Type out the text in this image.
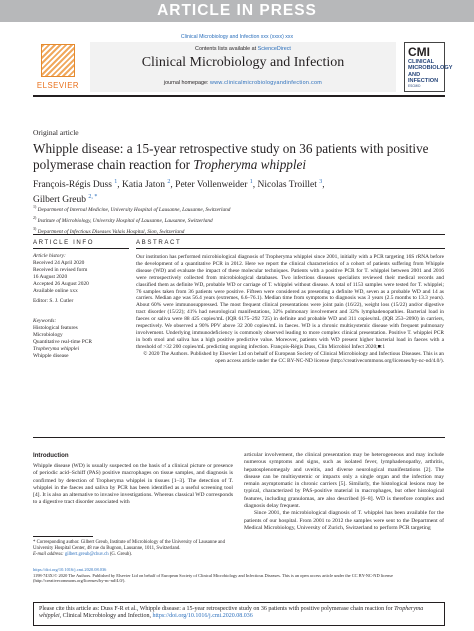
ARTICLE IN PRESS
Clinical Microbiology and Infection xxx (xxxx) xxx
ELSEVIER
Contents lists available at ScienceDirect
Clinical Microbiology and Infection
journal homepage: www.clinicalmicrobiologyandinfection.com
CMI
CLINICAL MICROBIOLOGY AND INFECTION
ESCMID
Original article
Whipple disease: a 15-year retrospective study on 36 patients with positive polymerase chain reaction for Tropheryma whipplei
François-Régis Duss $^1$, Katia Jaton $^2$, Peter Vollenweider $^1$, Nicolas Troillet $^3$,
Gilbert Greub $^{2, *}$
$^{1)}$ Department of Internal Medicine, University Hospital of Lausanne, Lausanne, Switzerland
$^{2)}$ Institute of Microbiology, University Hospital of Lausanne, Lausanne, Switzerland
$^{3)}$ Department of Infectious Diseases Valais Hospital, Sion, Switzerland
ARTICLE INFO	ABSTRACT
Article history:
Received 24 April 2020
Received in revised form
16 August 2020
Accepted 26 August 2020
Available online xxx
Editor: S. J. Cutler
Keywords:
Histological features
Microbiology
Quantitative real-time PCR
Tropheryma whipplei
Whipple disease
Our institution has performed microbiological diagnosis of Tropheryma whipplei since 2001, initially with a PCR targeting 16S rRNA before the development of a quantitative PCR in 2012. Here we report the clinical characteristics of a cohort of patients suffering from Whipple disease (WD) and evaluate the impact of these molecular techniques. Patients with a positive PCR for T. whipplei between 2001 and 2016 were retrospectively collected from microbiological databases. Two infectious diseases specialists reviewed their medical records and classified them as definite WD, probable WD or carriage of T. whipplei without disease. A total of 1153 samples were tested for T. whipplei; 76 samples taken from 36 patients were positive. Fifteen were considered as presenting a definite WD, seven as a probable WD and 14 as carriers. Median age was 56.4 years (extremes, 6.6–76.1). Median time from symptoms to diagnosis was 3 years (2.5 months to 13.3 years). About 60% were immunosuppressed. The most frequent clinical presentations were joint pain (16/22), weight loss (15/22) and/or digestive tract disorder (15/22); 41% had neurological manifestations, 32% pulmonary involvement and 32% lymphadenopathies. Bacterial load in faeces or saliva were 88 425 copies/mL (IQR 6175–292 725) in definite and probable WD and 311 copies/mL (IQR 253–2090) in carriers, respectively. We observed a 90% PPV above 32 200 copies/mL in faeces. WD is a chronic multisystemic disease with frequent pulmonary involvement. Underlying immunodeficiency is commonly observed leading to more complex clinical presentation. Positive T. whipplei PCR in both stool and saliva has a high positive predictive value. Moreover, patients with WD present higher bacterial load in faeces with a threshold of >32 200 copies/mL predicting ongoing infection. François-Régis Duss, Clin Microbiol Infect 2020;■:1
© 2020 The Authors. Published by Elsevier Ltd on behalf of European Society of Clinical Microbiology and Infectious Diseases. This is an open access article under the CC BY-NC-ND license (http://creativecommons.org/licenses/by-nc-nd/4.0/).
Introduction
Whipple disease (WD) is usually suspected on the basis of a clinical picture or presence of periodic acid–Schiff (PAS) positive macrophages on tissue samples, and diagnosis is confirmed by detection of Tropheryma whipplei in tissues [1–3]. The detection of T. whipplei in the faeces and saliva by PCR has been identified as a useful screening tool [4]. It is also an alternative to invasive investigations. Whereas classical WD corresponds to a digestive tract disorder associated with

articular involvement, the clinical presentation may be heterogeneous and may include numerous symptoms and signs, such as isolated fever, lymphadenopathy, arthritis, hepatosplenomegaly and uveitis, and diverse neurological manifestations [2]. The disease can be multisystemic or impacts only a single organ and the infection may remain asymptomatic in chronic carriers [5]. Similarly, the histological lesions may be typical, characterized by PAS-positive material in macrophages, but other histological features, including granulomas, are also described [6–8]. WD is therefore complex and diagnosis delay frequent.

Since 2001, the microbiological diagnosis of T. whipplei has been available for the patients of our hospital. From 2001 to 2012 the samples were sent to the Department of Medical Microbiology, University of Zurich, Switzerland to perform PCR targeting

* Corresponding author. Gilbert Greub, Institute of Microbiology of the University of Lausanne and University Hospital Center, 48 rue du Bugnon, Lausanne, 1011, Switzerland.
E-mail address: gilbert.greub@chuv.ch (G. Greub).
https://doi.org/10.1016/j.cmi.2020.08.036
1198-743X/© 2020 The Authors. Published by Elsevier Ltd on behalf of European Society of Clinical Microbiology and Infectious Diseases. This is an open access article under the CC BY-NC-ND license (http://creativecommons.org/licenses/by-nc-nd/4.0/).
Please cite this article as: Duss F-R et al., Whipple disease: a 15-year retrospective study on 36 patients with positive polymerase chain reaction for Tropheryma whipplei, Clinical Microbiology and Infection, https://doi.org/10.1016/j.cmi.2020.08.036
